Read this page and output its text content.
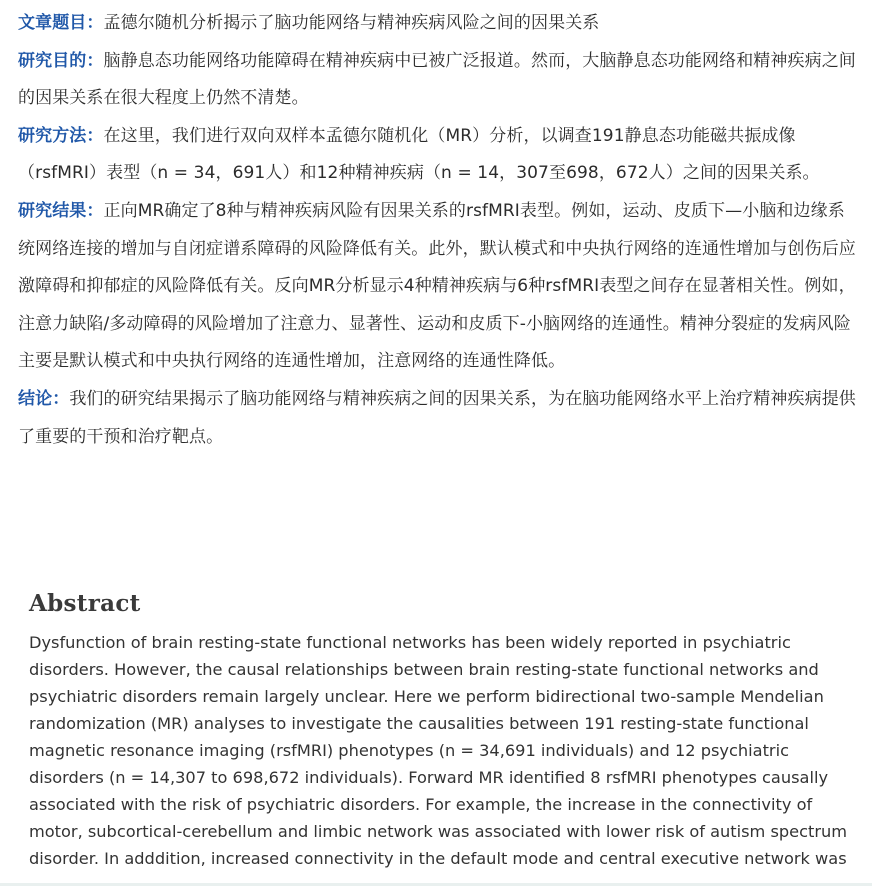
文章题目：孟德尔随机分析揭示了脑功能网络与精神疾病风险之间的因果关系

研究目的：脑静息态功能网络功能障碍在精神疾病中已被广泛报道。然而，大脑静息态功能网络和精神疾病之间的因果关系在很大程度上仍然不清楚。

研究方法：在这里，我们进行双向双样本孟德尔随机化（MR）分析，以调查191静息态功能磁共振成像（rsfMRI）表型（n = 34，691人）和12种精神疾病（n = 14，307至698，672人）之间的因果关系。

研究结果：正向MR确定了8种与精神疾病风险有因果关系的rsfMRI表型。例如，运动、皮质下—小脑和边缘系统网络连接的增加与自闭症谱系障碍的风险降低有关。此外，默认模式和中央执行网络的连通性增加与创伤后应激障碍和抑郁症的风险降低有关。反向MR分析显示4种精神疾病与6种rsfMRI表型之间存在显著相关性。例如，注意力缺陷/多动障碍的风险增加了注意力、显著性、运动和皮质下-小脑网络的连通性。精神分裂症的发病风险主要是默认模式和中央执行网络的连通性增加，注意网络的连通性降低。

结论：我们的研究结果揭示了脑功能网络与精神疾病之间的因果关系，为在脑功能网络水平上治疗精神疾病提供了重要的干预和治疗靶点。

Abstract

Dysfunction of brain resting-state functional networks has been widely reported in psychiatric disorders. However, the causal relationships between brain resting-state functional networks and psychiatric disorders remain largely unclear. Here we perform bidirectional two-sample Mendelian randomization (MR) analyses to investigate the causalities between 191 resting-state functional magnetic resonance imaging (rsfMRI) phenotypes (n = 34,691 individuals) and 12 psychiatric disorders (n = 14,307 to 698,672 individuals). Forward MR identified 8 rsfMRI phenotypes causally associated with the risk of psychiatric disorders. For example, the increase in the connectivity of motor, subcortical-cerebellum and limbic network was associated with lower risk of autism spectrum disorder. In adddition, increased connectivity in the default mode and central executive network was
